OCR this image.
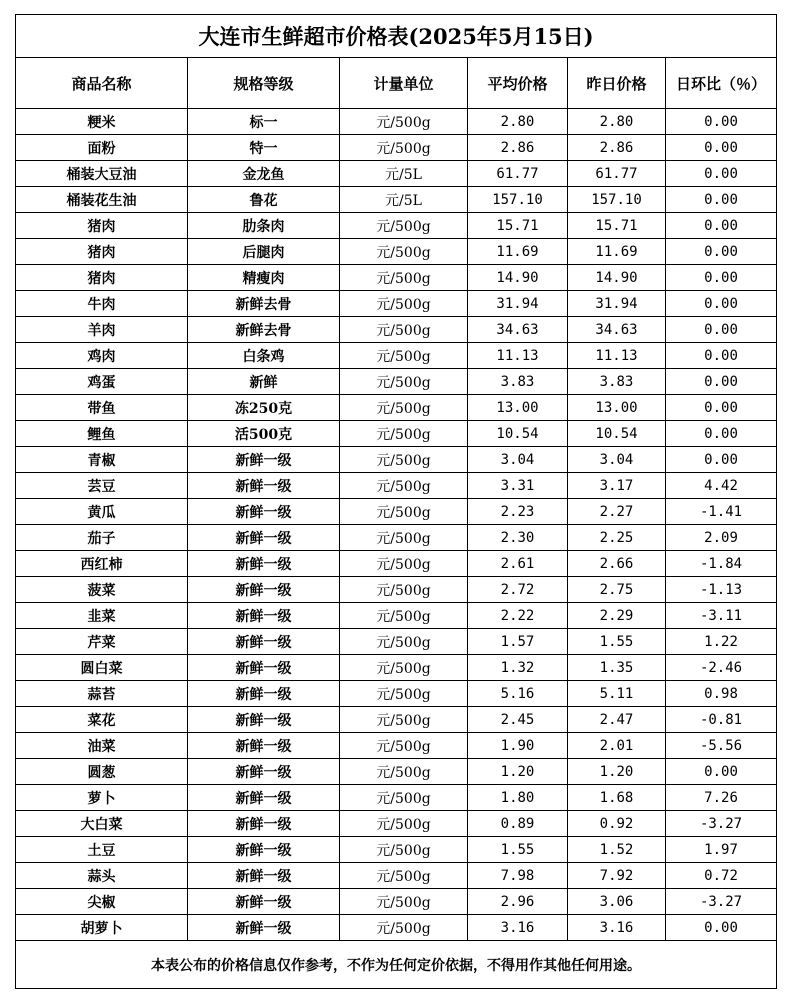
大连市生鲜超市价格表(2025年5月15日)					
商品名称	规格等级	计量单位	平均价格	昨日价格	日环比（％）
粳米	标一	元/500g	2.80	2.80	0.00
面粉	特一	元/500g	2.86	2.86	0.00
桶装大豆油	金龙鱼	元/5L	61.77	61.77	0.00
桶装花生油	鲁花	元/5L	157.10	157.10	0.00
猪肉	肋条肉	元/500g	15.71	15.71	0.00
猪肉	后腿肉	元/500g	11.69	11.69	0.00
猪肉	精瘦肉	元/500g	14.90	14.90	0.00
牛肉	新鲜去骨	元/500g	31.94	31.94	0.00
羊肉	新鲜去骨	元/500g	34.63	34.63	0.00
鸡肉	白条鸡	元/500g	11.13	11.13	0.00
鸡蛋	新鲜	元/500g	3.83	3.83	0.00
带鱼	冻250克	元/500g	13.00	13.00	0.00
鲤鱼	活500克	元/500g	10.54	10.54	0.00
青椒	新鲜一级	元/500g	3.04	3.04	0.00
芸豆	新鲜一级	元/500g	3.31	3.17	4.42
黄瓜	新鲜一级	元/500g	2.23	2.27	-1.41
茄子	新鲜一级	元/500g	2.30	2.25	2.09
西红柿	新鲜一级	元/500g	2.61	2.66	-1.84
菠菜	新鲜一级	元/500g	2.72	2.75	-1.13
韭菜	新鲜一级	元/500g	2.22	2.29	-3.11
芹菜	新鲜一级	元/500g	1.57	1.55	1.22
圆白菜	新鲜一级	元/500g	1.32	1.35	-2.46
蒜苔	新鲜一级	元/500g	5.16	5.11	0.98
菜花	新鲜一级	元/500g	2.45	2.47	-0.81
油菜	新鲜一级	元/500g	1.90	2.01	-5.56
圆葱	新鲜一级	元/500g	1.20	1.20	0.00
萝卜	新鲜一级	元/500g	1.80	1.68	7.26
大白菜	新鲜一级	元/500g	0.89	0.92	-3.27
土豆	新鲜一级	元/500g	1.55	1.52	1.97
蒜头	新鲜一级	元/500g	7.98	7.92	0.72
尖椒	新鲜一级	元/500g	2.96	3.06	-3.27
胡萝卜	新鲜一级	元/500g	3.16	3.16	0.00
本表公布的价格信息仅作参考，不作为任何定价依据，不得用作其他任何用途。					
